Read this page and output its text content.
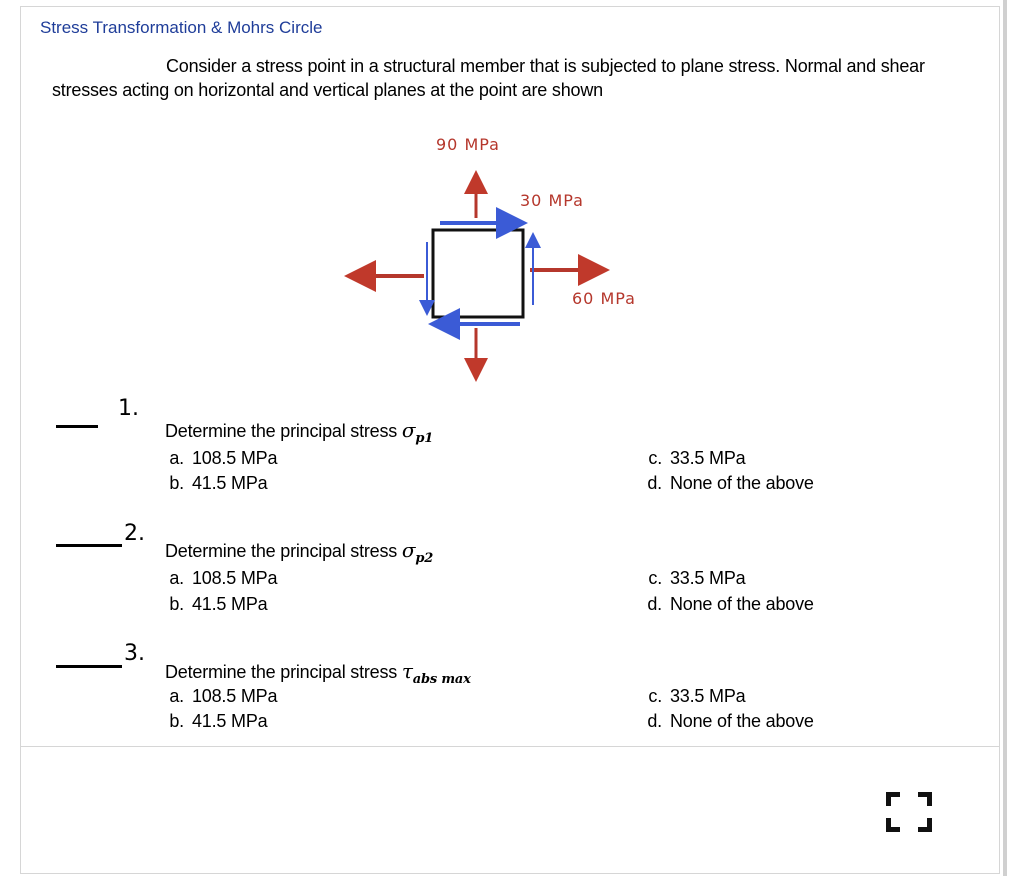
Stress Transformation & Mohrs Circle
Consider a stress point in a structural member that is subjected to plane stress. Normal and shear stresses acting on horizontal and vertical planes at the point are shown
90 MPa
30 MPa
60 MPa
1.
Determine the principal stress $\sigma_{p1}$
a. 108.5 MPa
b. 41.5 MPa
c. 33.5 MPa
d. None of the above
2.
Determine the principal stress $\sigma_{p2}$
a. 108.5 MPa
b. 41.5 MPa
c. 33.5 MPa
d. None of the above
3.
Determine the principal stress $\tau_{abs max}$
a. 108.5 MPa
b. 41.5 MPa
c. 33.5 MPa
d. None of the above
